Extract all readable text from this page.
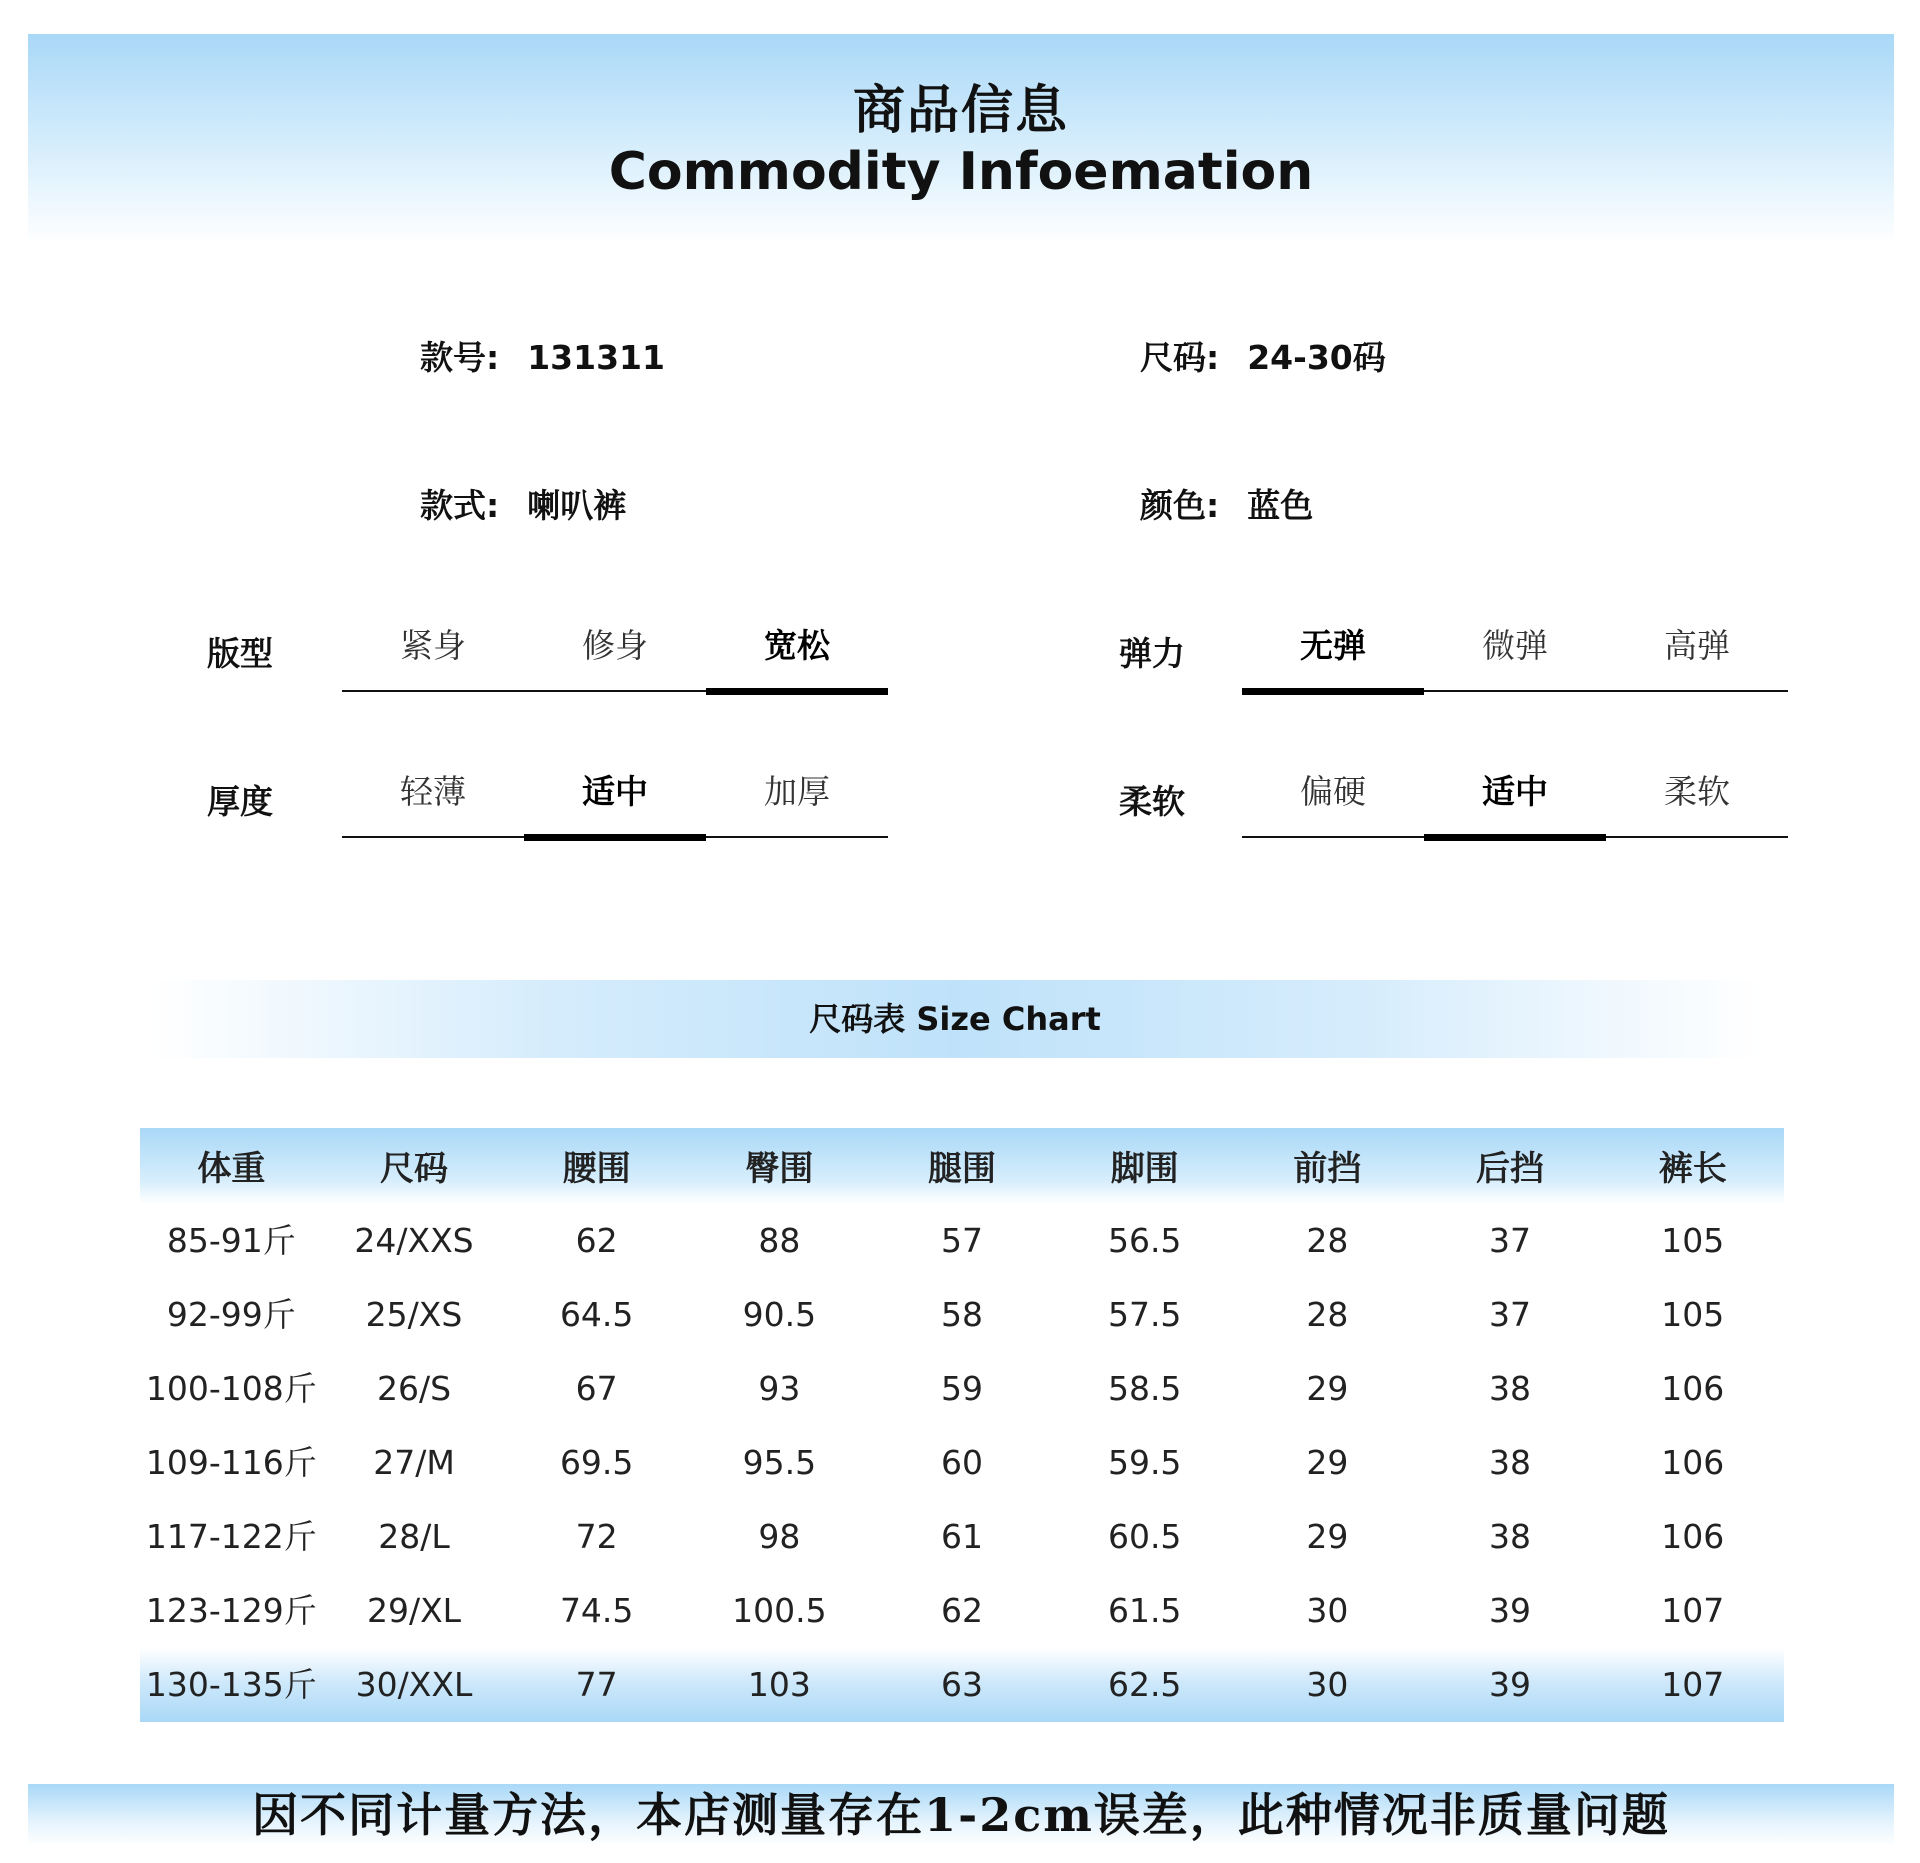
商品信息
Commodity Infoemation
款号: 131311	尺码: 24-30码
款式: 喇叭裤	颜色: 蓝色
版型	紧身	修身	宽松	弹力	无弹	微弹	高弹
厚度	轻薄	适中	加厚	柔软	偏硬	适中	柔软
尺码表 Size Chart
体重	尺码	腰围	臀围	腿围	脚围	前挡	后挡	裤长
85-91斤	24/XXS	62	88	57	56.5	28	37	105
92-99斤	25/XS	64.5	90.5	58	57.5	28	37	105
100-108斤	26/S	67	93	59	58.5	29	38	106
109-116斤	27/M	69.5	95.5	60	59.5	29	38	106
117-122斤	28/L	72	98	61	60.5	29	38	106
123-129斤	29/XL	74.5	100.5	62	61.5	30	39	107
130-135斤	30/XXL	77	103	63	62.5	30	39	107
因不同计量方法，本店测量存在1-2cm误差，此种情况非质量问题
